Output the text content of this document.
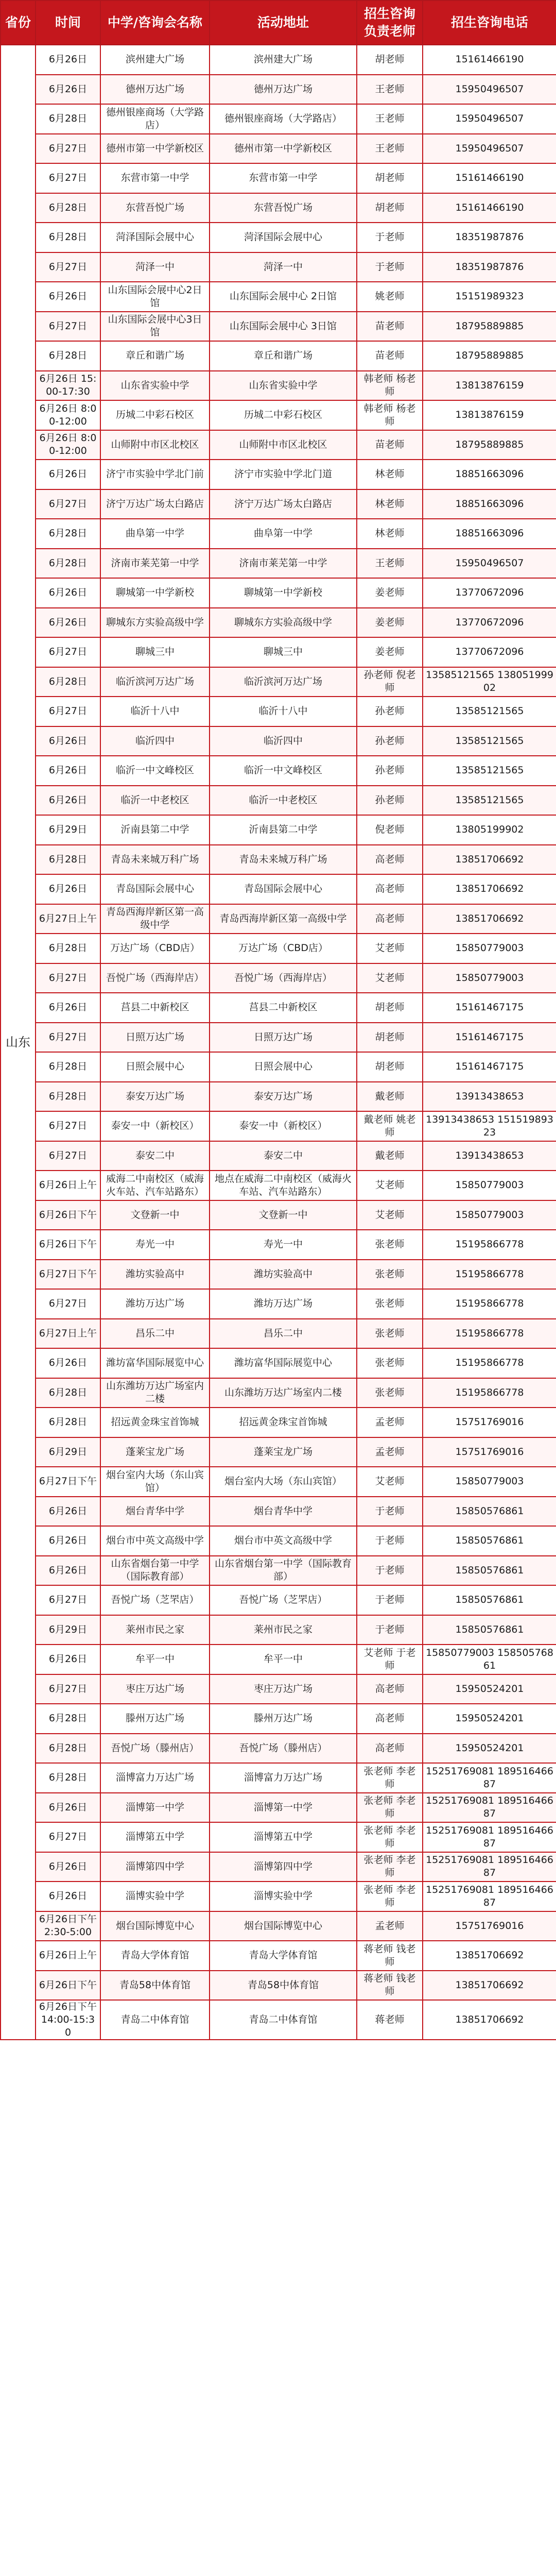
省份	时间	中学/咨询会名称	活动地址	招生咨询负责老师	招生咨询电话
山东	6月26日	滨州建大广场	滨州建大广场	胡老师	15161466190
	6月26日	德州万达广场	德州万达广场	王老师	15950496507
	6月28日	德州银座商场（大学路店）	德州银座商场（大学路店）	王老师	15950496507
	6月27日	德州市第一中学新校区	德州市第一中学新校区	王老师	15950496507
	6月27日	东营市第一中学	东营市第一中学	胡老师	15161466190
	6月28日	东营吾悦广场	东营吾悦广场	胡老师	15161466190
	6月28日	菏泽国际会展中心	菏泽国际会展中心	于老师	18351987876
	6月27日	菏泽一中	菏泽一中	于老师	18351987876
	6月26日	山东国际会展中心2日馆	山东国际会展中心 2日馆	姚老师	15151989323
	6月27日	山东国际会展中心3日馆	山东国际会展中心 3日馆	苗老师	18795889885
	6月28日	章丘和谐广场	章丘和谐广场	苗老师	18795889885
	6月26日 15:00-17:30	山东省实验中学	山东省实验中学	韩老师 杨老师	13813876159
	6月26日 8:00-12:00	历城二中彩石校区	历城二中彩石校区	韩老师 杨老师	13813876159
	6月26日 8:00-12:00	山师附中市区北校区	山师附中市区北校区	苗老师	18795889885
	6月26日	济宁市实验中学北门前	济宁市实验中学北门道	林老师	18851663096
	6月27日	济宁万达广场太白路店	济宁万达广场太白路店	林老师	18851663096
	6月28日	曲阜第一中学	曲阜第一中学	林老师	18851663096
	6月28日	济南市莱芜第一中学	济南市莱芜第一中学	王老师	15950496507
	6月26日	聊城第一中学新校	聊城第一中学新校	姜老师	13770672096
	6月26日	聊城东方实验高级中学	聊城东方实验高级中学	姜老师	13770672096
	6月27日	聊城三中	聊城三中	姜老师	13770672096
	6月28日	临沂滨河万达广场	临沂滨河万达广场	孙老师 倪老师	13585121565 13805199902
	6月27日	临沂十八中	临沂十八中	孙老师	13585121565
	6月26日	临沂四中	临沂四中	孙老师	13585121565
	6月26日	临沂一中文峰校区	临沂一中文峰校区	孙老师	13585121565
	6月26日	临沂一中老校区	临沂一中老校区	孙老师	13585121565
	6月29日	沂南县第二中学	沂南县第二中学	倪老师	13805199902
	6月28日	青岛未来城万科广场	青岛未来城万科广场	高老师	13851706692
	6月26日	青岛国际会展中心	青岛国际会展中心	高老师	13851706692
	6月27日上午	青岛西海岸新区第一高级中学	青岛西海岸新区第一高级中学	高老师	13851706692
	6月28日	万达广场（CBD店）	万达广场（CBD店）	艾老师	15850779003
	6月27日	吾悦广场（西海岸店）	吾悦广场（西海岸店）	艾老师	15850779003
	6月26日	莒县二中新校区	莒县二中新校区	胡老师	15161467175
	6月27日	日照万达广场	日照万达广场	胡老师	15161467175
	6月28日	日照会展中心	日照会展中心	胡老师	15161467175
	6月28日	泰安万达广场	泰安万达广场	戴老师	13913438653
	6月27日	泰安一中（新校区）	泰安一中（新校区）	戴老师 姚老师	13913438653 15151989323
	6月27日	泰安二中	泰安二中	戴老师	13913438653
	6月26日上午	威海二中南校区（威海火车站、汽车站路东）	地点在威海二中南校区（威海火车站、汽车站路东）	艾老师	15850779003
	6月26日下午	文登新一中	文登新一中	艾老师	15850779003
	6月26日下午	寿光一中	寿光一中	张老师	15195866778
	6月27日下午	潍坊实验高中	潍坊实验高中	张老师	15195866778
	6月27日	潍坊万达广场	潍坊万达广场	张老师	15195866778
	6月27日上午	昌乐二中	昌乐二中	张老师	15195866778
	6月26日	潍坊富华国际展览中心	潍坊富华国际展览中心	张老师	15195866778
	6月28日	山东潍坊万达广场室内二楼	山东潍坊万达广场室内二楼	张老师	15195866778
	6月28日	招远黄金珠宝首饰城	招远黄金珠宝首饰城	孟老师	15751769016
	6月29日	蓬莱宝龙广场	蓬莱宝龙广场	孟老师	15751769016
	6月27日下午	烟台室内大场（东山宾馆）	烟台室内大场（东山宾馆）	艾老师	15850779003
	6月26日	烟台青华中学	烟台青华中学	于老师	15850576861
	6月26日	烟台市中英文高级中学	烟台市中英文高级中学	于老师	15850576861
	6月26日	山东省烟台第一中学（国际教育部）	山东省烟台第一中学（国际教育部）	于老师	15850576861
	6月27日	吾悦广场（芝罘店）	吾悦广场（芝罘店）	于老师	15850576861
	6月29日	莱州市民之家	莱州市民之家	于老师	15850576861
	6月26日	牟平一中	牟平一中	艾老师 于老师	15850779003 15850576861
	6月27日	枣庄万达广场	枣庄万达广场	高老师	15950524201
	6月28日	滕州万达广场	滕州万达广场	高老师	15950524201
	6月28日	吾悦广场（滕州店）	吾悦广场（滕州店）	高老师	15950524201
	6月28日	淄博富力万达广场	淄博富力万达广场	张老师 李老师	15251769081 18951646687
	6月26日	淄博第一中学	淄博第一中学	张老师 李老师	15251769081 18951646687
	6月27日	淄博第五中学	淄博第五中学	张老师 李老师	15251769081 18951646687
	6月26日	淄博第四中学	淄博第四中学	张老师 李老师	15251769081 18951646687
	6月26日	淄博实验中学	淄博实验中学	张老师 李老师	15251769081 18951646687
	6月26日下午 2:30-5:00	烟台国际博览中心	烟台国际博览中心	孟老师	15751769016
	6月26日上午	青岛大学体育馆	青岛大学体育馆	蒋老师 钱老师	13851706692
	6月26日下午	青岛58中体育馆	青岛58中体育馆	蒋老师 钱老师	13851706692
	6月26日下午 14:00-15:30	青岛二中体育馆	青岛二中体育馆	蒋老师	13851706692
